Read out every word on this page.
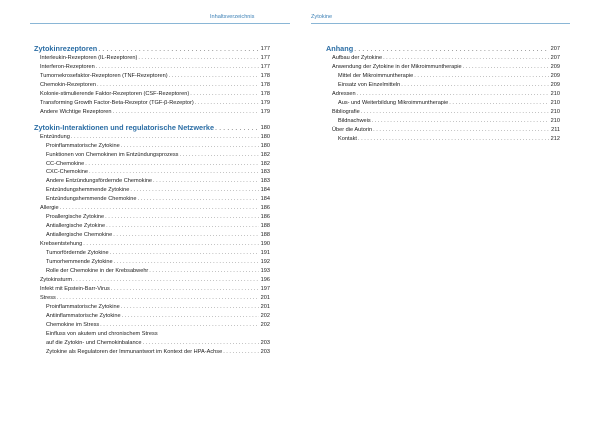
Inhaltsverzeichnis	Zytokine
Zytokinrezeptoren . . .	177
Interleukin-Rezeptoren (IL-Rezeptoren) . . .	177
Interferon-Rezeptoren . . .	177
Tumornekrosefaktor-Rezeptoren (TNF-Rezeptoren) . . .	178
Chemokin-Rezeptoren . . .	178
Kolonie-stimulierende Faktor-Rezeptoren (CSF-Rezeptoren) . . .	178
Transforming Growth Factor-Beta-Rezeptor (TGF-β-Rezeptor) . . .	179
Andere Wichtige Rezeptoren . . .	179
Zytokin-Interaktionen und regulatorische Netzwerke . . .	180
Entzündung . . .	180
Proinflammatorische Zytokine . . .	180
Funktionen von Chemokinen im Entzündungsprozess . . .	182
CC-Chemokine . . .	182
CXC-Chemokine . . .	183
Andere Entzündungsfördernde Chemokine . . .	183
Entzündungshemmende Zytokine . . .	184
Entzündungshemmende Chemokine . . .	184
Allergie . . .	186
Proallergische Zytokine . . .	186
Antiallergische Zytokine . . .	188
Antiallergische Chemokine . . .	188
Krebsentstehung . . .	190
Tumorfördernde Zytokine . . .	191
Tumorhemmende Zytokine . . .	192
Rolle der Chemokine in der Krebsabwehr . . .	193
Zytokinsturm . . .	196
Infekt mit Epstein-Barr-Virus . . .	197
Stress . . .	201
Proinflammatorische Zytokine . . .	201
Antiinflammatorische Zytokine . . .	202
Chemokine im Stress . . .	202
Einfluss von akutem und chronischem Stress
auf die Zytokin- und Chemokinbalance . . .	203
Zytokine als Regulatoren der Immunantwort im Kontext der HPA-Achse . . .	203
Anhang . . .	207
Aufbau der Zytokine . . .	207
Anwendung der Zytokine in der Mikroimmuntherapie . . .	209
Mittel der Mikroimmuntherapie . . .	209
Einsatz von Einzelmitteln . . .	209
Adressen . . .	210
Aus- und Weiterbildung Mikroimmuntherapie . . .	210
Bibliografie . . .	210
Bildnachweis . . .	210
Über die Autorin . . .	211
Kontakt . . .	212
